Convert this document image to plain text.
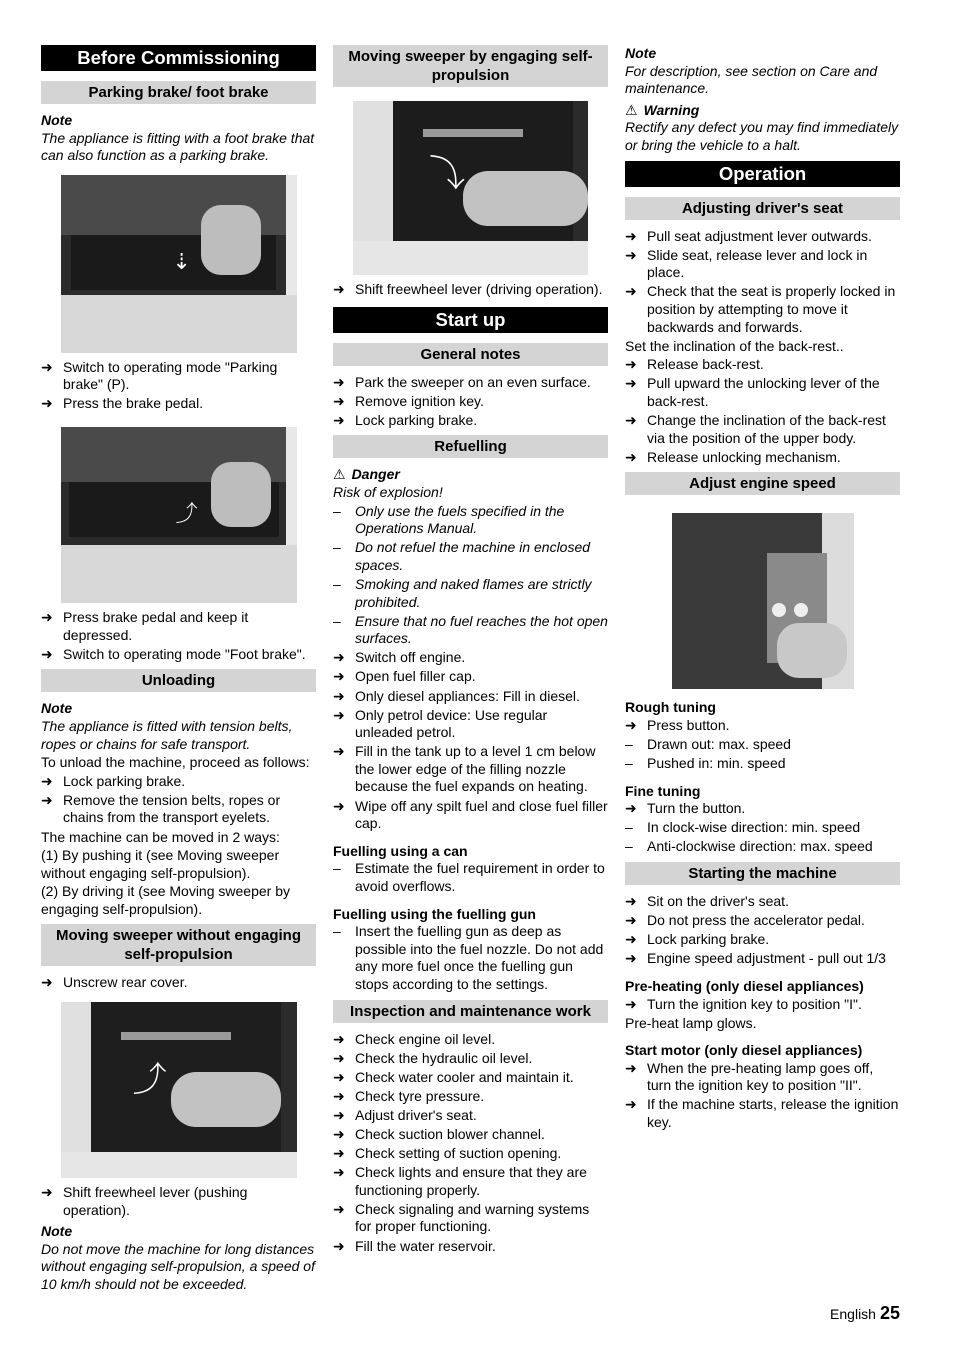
Before Commissioning
Parking brake/ foot brake
Note
The appliance is fitting with a foot brake that can also function as a parking brake.
⇣
➜ Switch to operating mode "Parking brake" (P).
➜ Press the brake pedal.
⤴
➜ Press brake pedal and keep it depressed.
➜ Switch to operating mode "Foot brake".
Unloading
Note
The appliance is fitted with tension belts, ropes or chains for safe transport.
To unload the machine, proceed as follows:
➜ Lock parking brake.
➜ Remove the tension belts, ropes or chains from the transport eyelets.
The machine can be moved in 2 ways:
(1) By pushing it (see Moving sweeper without engaging self-propulsion).
(2) By driving it (see Moving sweeper by engaging self-propulsion).
Moving sweeper without engaging self-propulsion
➜ Unscrew rear cover.
⤴
➜ Shift freewheel lever (pushing operation).
Note
Do not move the machine for long distances without engaging self-propulsion, a speed of 10 km/h should not be exceeded.
Moving sweeper by engaging self-propulsion
⤵
➜ Shift freewheel lever (driving operation).
Start up
General notes
➜ Park the sweeper on an even surface.
➜ Remove ignition key.
➜ Lock parking brake.
Refuelling
⚠ Danger
Risk of explosion!
–	Only use the fuels specified in the Operations Manual.
–	Do not refuel the machine in enclosed spaces.
–	Smoking and naked flames are strictly prohibited.
–	Ensure that no fuel reaches the hot open surfaces.
➜ Switch off engine.
➜ Open fuel filler cap.
➜ Only diesel appliances: Fill in diesel.
➜ Only petrol device: Use regular unleaded petrol.
➜ Fill in the tank up to a level 1 cm below the lower edge of the filling nozzle because the fuel expands on heating.
➜ Wipe off any spilt fuel and close fuel filler cap.
Fuelling using a can
–	Estimate the fuel requirement in order to avoid overflows.
Fuelling using the fuelling gun
–	Insert the fuelling gun as deep as possible into the fuel nozzle. Do not add any more fuel once the fuelling gun stops according to the settings.
Inspection and maintenance work
➜ Check engine oil level.
➜ Check the hydraulic oil level.
➜ Check water cooler and maintain it.
➜ Check tyre pressure.
➜ Adjust driver's seat.
➜ Check suction blower channel.
➜ Check setting of suction opening.
➜ Check lights and ensure that they are functioning properly.
➜ Check signaling and warning systems for proper functioning.
➜ Fill the water reservoir.
Note
For description, see section on Care and maintenance.
⚠ Warning
Rectify any defect you may find immediately or bring the vehicle to a halt.
Operation
Adjusting driver's seat
➜ Pull seat adjustment lever outwards.
➜ Slide seat, release lever and lock in place.
➜ Check that the seat is properly locked in position by attempting to move it backwards and forwards.
Set the inclination of the back-rest..
➜ Release back-rest.
➜ Pull upward the unlocking lever of the back-rest.
➜ Change the inclination of the back-rest via the position of the upper body.
➜ Release unlocking mechanism.
Adjust engine speed
Rough tuning
➜ Press button.
–	Drawn out: max. speed
–	Pushed in: min. speed
Fine tuning
➜ Turn the button.
–	In clock-wise direction: min. speed
–	Anti-clockwise direction: max. speed
Starting the machine
➜ Sit on the driver's seat.
➜ Do not press the accelerator pedal.
➜ Lock parking brake.
➜ Engine speed adjustment - pull out 1/3
Pre-heating (only diesel appliances)
➜ Turn the ignition key to position "I".
Pre-heat lamp glows.
Start motor (only diesel appliances)
➜ When the pre-heating lamp goes off, turn the ignition key to position "II".
➜ If the machine starts, release the ignition key.
English 25
